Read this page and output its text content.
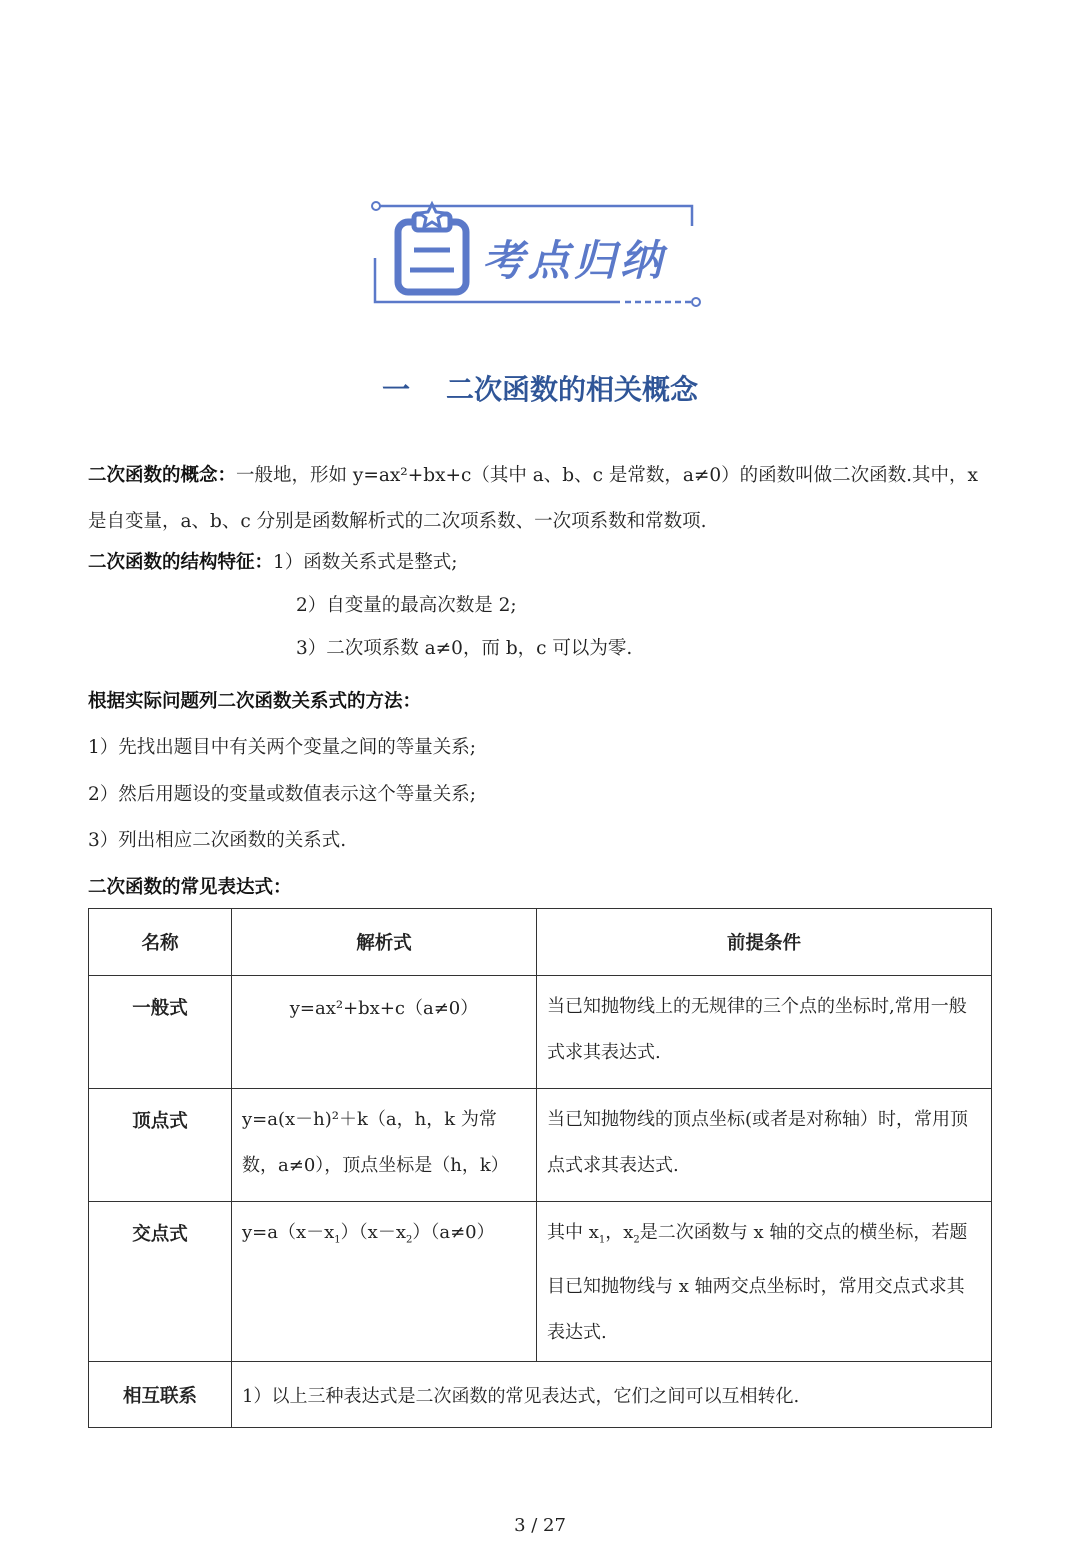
考点归纳
一 二次函数的相关概念
二次函数的概念：一般地，形如 y=ax²+bx+c（其中 a、b、c 是常数，a≠0）的函数叫做二次函数.其中，x 是自变量，a、b、c 分别是函数解析式的二次项系数、一次项系数和常数项.
二次函数的结构特征：1）函数关系式是整式;
2）自变量的最高次数是 2;
3）二次项系数 a≠0，而 b，c 可以为零.
根据实际问题列二次函数关系式的方法：
1）先找出题目中有关两个变量之间的等量关系;
2）然后用题设的变量或数值表示这个等量关系;
3）列出相应二次函数的关系式.
二次函数的常见表达式：
名称	解析式	前提条件
一般式	y=ax²+bx+c（a≠0）	当已知抛物线上的无规律的三个点的坐标时,常用一般式求其表达式.
顶点式	y=a(x－h)²＋k（a，h，k 为常数，a≠0），顶点坐标是（h，k）	当已知抛物线的顶点坐标(或者是对称轴）时，常用顶点式求其表达式.
交点式	$y=a(x-x_1)(x-x_2)(a\ne 0)$	其中 $x_1$，$x_2$是二次函数与 x 轴的交点的横坐标，若题目已知抛物线与 x 轴两交点坐标时，常用交点式求其表达式.
相互联系	1）以上三种表达式是二次函数的常见表达式，它们之间可以互相转化.	
3 / 27
